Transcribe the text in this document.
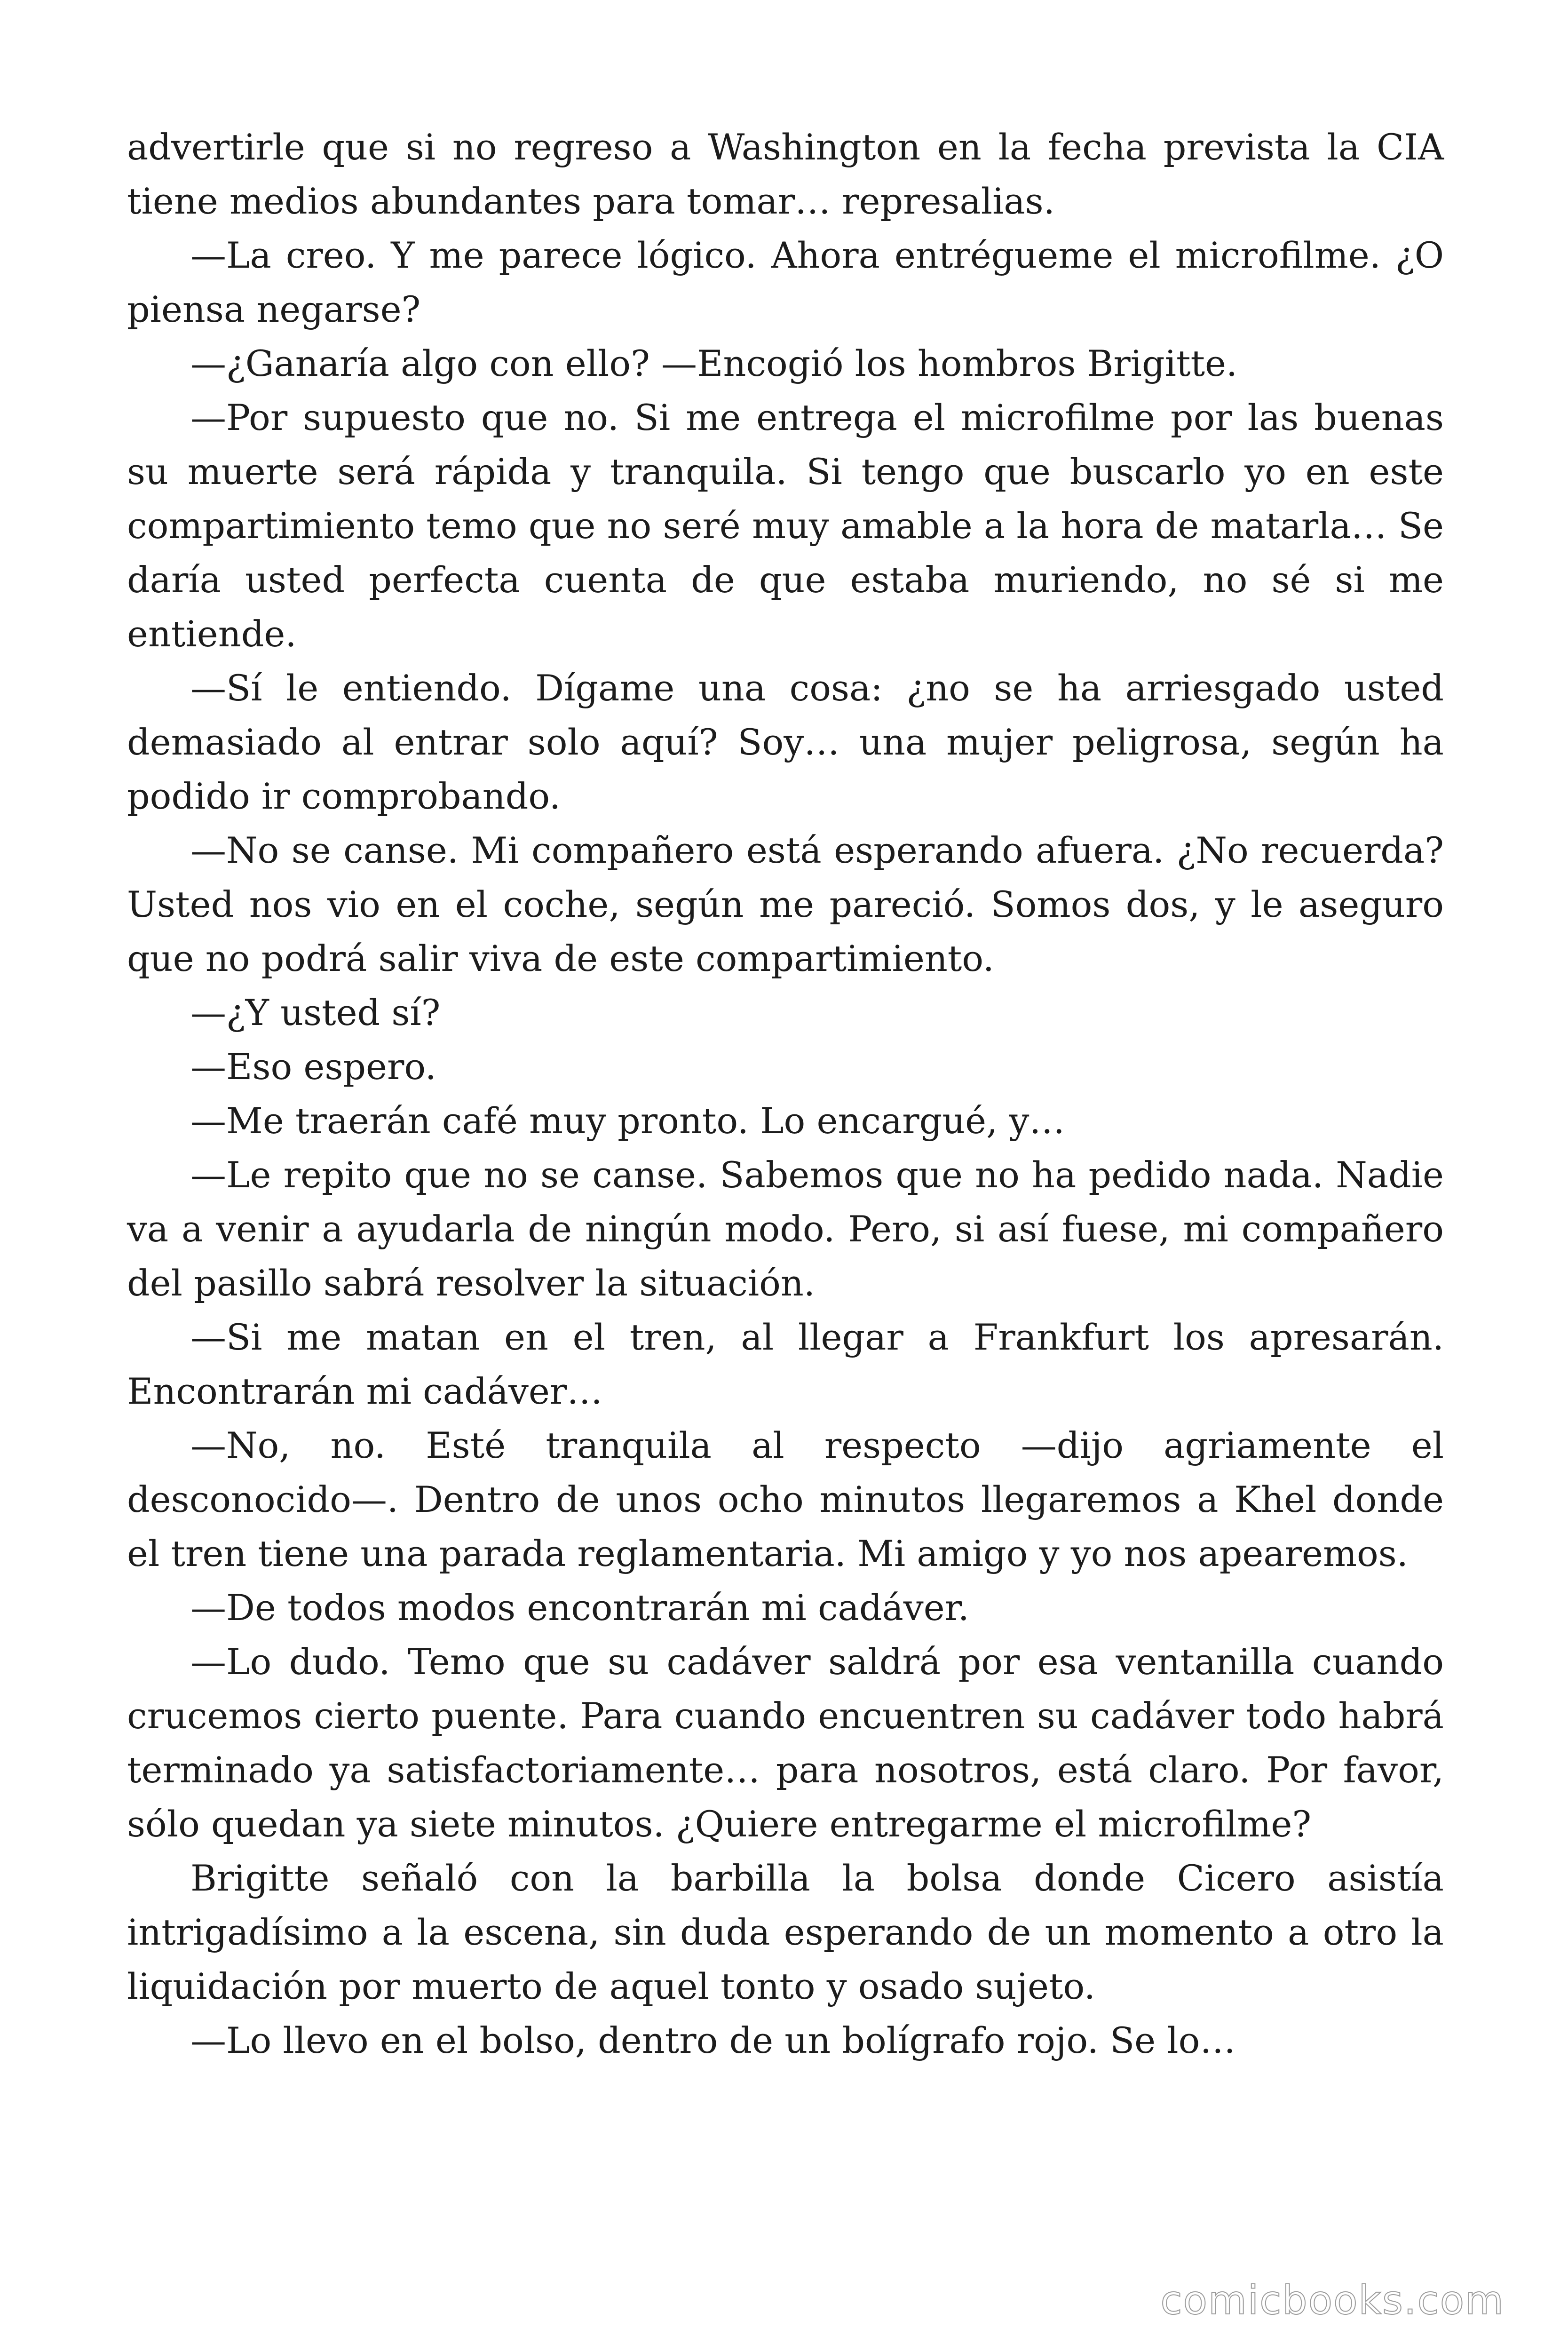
advertirle que si no regreso a Washington en la fecha prevista la CIA tiene medios abundantes para tomar… represalias.

—La creo. Y me parece lógico. Ahora entrégueme el microfilme. ¿O piensa negarse?

—¿Ganaría algo con ello? —Encogió los hombros Brigitte.

—Por supuesto que no. Si me entrega el microfilme por las buenas su muerte será rápida y tranquila. Si tengo que buscarlo yo en este compartimiento temo que no seré muy amable a la hora de matarla… Se daría usted perfecta cuenta de que estaba muriendo, no sé si me entiende.

—Sí le entiendo. Dígame una cosa: ¿no se ha arriesgado usted demasiado al entrar solo aquí? Soy… una mujer peligrosa, según ha podido ir comprobando.

—No se canse. Mi compañero está esperando afuera. ¿No recuerda? Usted nos vio en el coche, según me pareció. Somos dos, y le aseguro que no podrá salir viva de este compartimiento.

—¿Y usted sí?

—Eso espero.

—Me traerán café muy pronto. Lo encargué, y…

—Le repito que no se canse. Sabemos que no ha pedido nada. Nadie va a venir a ayudarla de ningún modo. Pero, si así fuese, mi compañero del pasillo sabrá resolver la situación.

—Si me matan en el tren, al llegar a Frankfurt los apresarán. Encontrarán mi cadáver…

—No, no. Esté tranquila al respecto —dijo agriamente el desconocido—. Dentro de unos ocho minutos llegaremos a Khel donde el tren tiene una parada reglamentaria. Mi amigo y yo nos apearemos.

—De todos modos encontrarán mi cadáver.

—Lo dudo. Temo que su cadáver saldrá por esa ventanilla cuando crucemos cierto puente. Para cuando encuentren su cadáver todo habrá terminado ya satisfactoriamente… para nosotros, está claro. Por favor, sólo quedan ya siete minutos. ¿Quiere entregarme el microfilme?

Brigitte señaló con la barbilla la bolsa donde Cicero asistía intrigadísimo a la escena, sin duda esperando de un momento a otro la liquidación por muerto de aquel tonto y osado sujeto.

—Lo llevo en el bolso, dentro de un bolígrafo rojo. Se lo…

comicbooks.com
